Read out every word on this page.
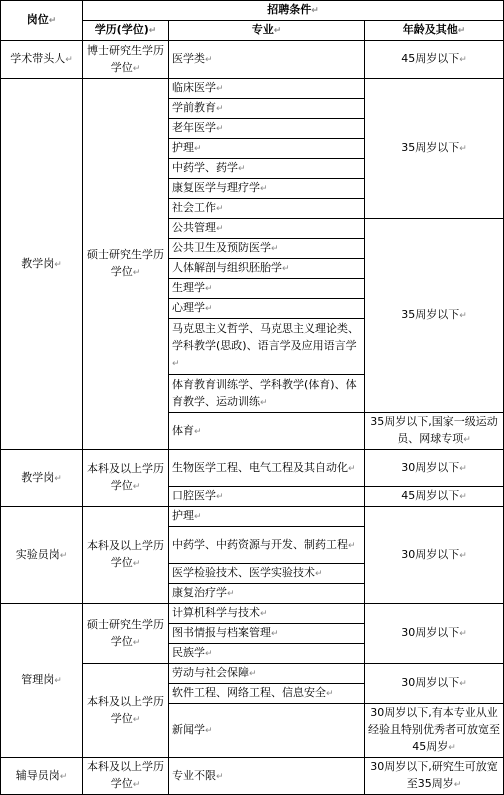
岗位↵	招聘条件↵		
	学历(学位)↵	专业↵	年龄及其他↵
学术带头人↵	博士研究生学历学位↵	医学类↵	45周岁以下↵
教学岗↵	硕士研究生学历学位↵	临床医学↵	35周岁以下↵
		学前教育↵	
		老年医学↵	
		护理↵	
		中药学、药学↵	
		康复医学与理疗学↵	
		社会工作↵	
		公共管理↵	35周岁以下↵
		公共卫生及预防医学↵	
		人体解剖与组织胚胎学↵	
		生理学↵	
		心理学↵	
		马克思主义哲学、马克思主义理论类、学科教学(思政)、语言学及应用语言学↵	
		体育教育训练学、学科教学(体育)、体育教学、运动训练↵	
		体育↵	35周岁以下,国家一级运动员、网球专项↵
教学岗↵	本科及以上学历学位↵	生物医学工程、电气工程及其自动化↵	30周岁以下↵
		口腔医学↵	45周岁以下↵
实验员岗↵	本科及以上学历学位↵	护理↵	30周岁以下↵
		中药学、中药资源与开发、制药工程↵	
		医学检验技术、医学实验技术↵	
		康复治疗学↵	
管理岗↵	硕士研究生学历学位↵	计算机科学与技术↵	30周岁以下↵
		图书情报与档案管理↵	
		民族学↵	
	本科及以上学历学位↵	劳动与社会保障↵	30周岁以下↵
		软件工程、网络工程、信息安全↵	
		新闻学↵	30周岁以下,有本专业从业经验且特别优秀者可放宽至45周岁↵
辅导员岗↵	本科及以上学历学位↵	专业不限↵	30周岁以下,研究生可放宽至35周岁↵
